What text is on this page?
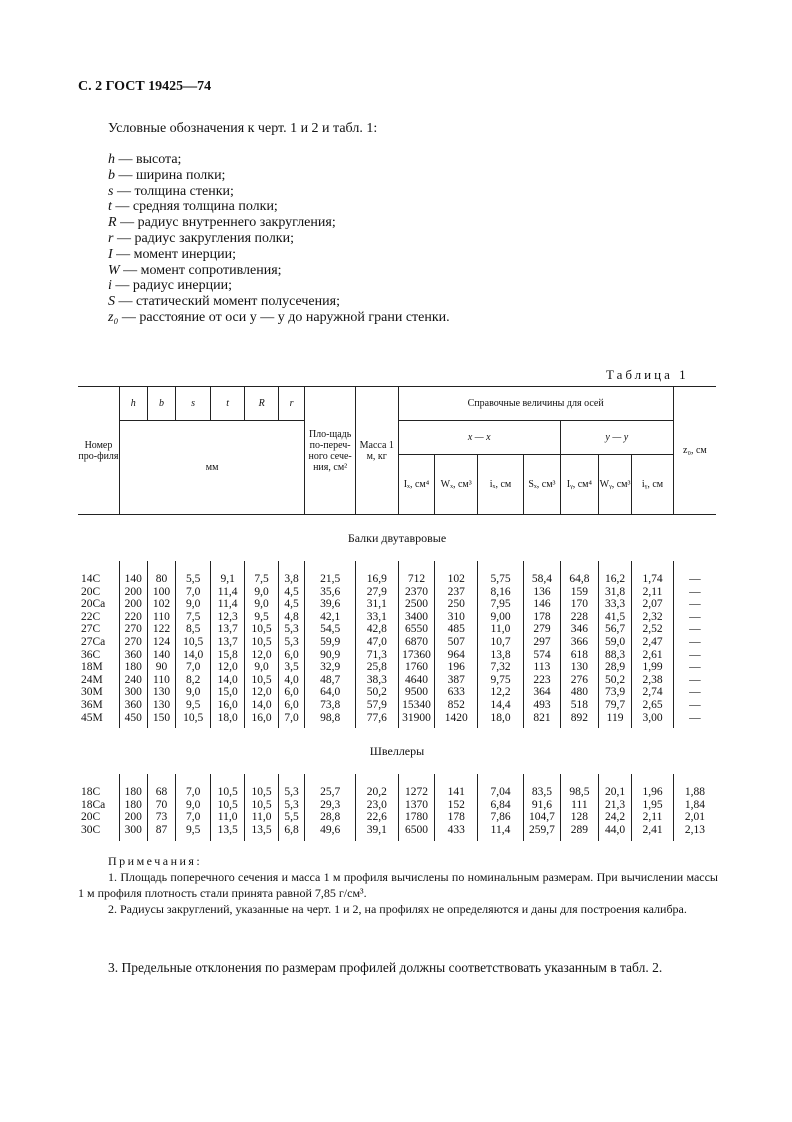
С. 2 ГОСТ 19425—74
Условные обозначения к черт. 1 и 2 и табл. 1:
h — высота;
b — ширина полки;
s — толщина стенки;
t — средняя толщина полки;
R — радиус внутреннего закругления;
r — радиус закругления полки;
I — момент инерции;
W — момент сопротивления;
i — радиус инерции;
S — статический момент полусечения;
z₀ — расстояние от оси y — y до наружной грани стенки.
Таблица 1
Номер про-филя	h	b	s	t	R	r	Пло-щадь по-переч-ного сече-ния, см²	Масса 1 м, кг	Справочные величины для осей							z₀, см
	мм								x — x				y — y			
									Iₓ, см⁴	Wₓ, см³	iₓ, см	Sₓ, см³	Iᵧ, см⁴	Wᵧ, см³	iᵧ, см	
Балки двутавровые																

14С	140	80	5,5	9,1	7,5	3,8	21,5	16,9	712	102	5,75	58,4	64,8	16,2	1,74	—
20С	200	100	7,0	11,4	9,0	4,5	35,6	27,9	2370	237	8,16	136	159	31,8	2,11	—
20Са	200	102	9,0	11,4	9,0	4,5	39,6	31,1	2500	250	7,95	146	170	33,3	2,07	—
22С	220	110	7,5	12,3	9,5	4,8	42,1	33,1	3400	310	9,00	178	228	41,5	2,32	—
27С	270	122	8,5	13,7	10,5	5,3	54,5	42,8	6550	485	11,0	279	346	56,7	2,52	—
27Са	270	124	10,5	13,7	10,5	5,3	59,9	47,0	6870	507	10,7	297	366	59,0	2,47	—
36С	360	140	14,0	15,8	12,0	6,0	90,9	71,3	17360	964	13,8	574	618	88,3	2,61	—
18М	180	90	7,0	12,0	9,0	3,5	32,9	25,8	1760	196	7,32	113	130	28,9	1,99	—
24М	240	110	8,2	14,0	10,5	4,0	48,7	38,3	4640	387	9,75	223	276	50,2	2,38	—
30М	300	130	9,0	15,0	12,0	6,0	64,0	50,2	9500	633	12,2	364	480	73,9	2,74	—
36М	360	130	9,5	16,0	14,0	6,0	73,8	57,9	15340	852	14,4	493	518	79,7	2,65	—
45М	450	150	10,5	18,0	16,0	7,0	98,8	77,6	31900	1420	18,0	821	892	119	3,00	—

Швеллеры																

18С	180	68	7,0	10,5	10,5	5,3	25,7	20,2	1272	141	7,04	83,5	98,5	20,1	1,96	1,88
18Са	180	70	9,0	10,5	10,5	5,3	29,3	23,0	1370	152	6,84	91,6	111	21,3	1,95	1,84
20С	200	73	7,0	11,0	11,0	5,5	28,8	22,6	1780	178	7,86	104,7	128	24,2	2,11	2,01
30С	300	87	9,5	13,5	13,5	6,8	49,6	39,1	6500	433	11,4	259,7	289	44,0	2,41	2,13

Примечания:

1. Площадь поперечного сечения и масса 1 м профиля вычислены по номинальным размерам. При вычислении массы 1 м профиля плотность стали принята равной 7,85 г/см³.

2. Радиусы закруглений, указанные на черт. 1 и 2, на профилях не определяются и даны для построения калибра.

3. Предельные отклонения по размерам профилей должны соответствовать указанным в табл. 2.
